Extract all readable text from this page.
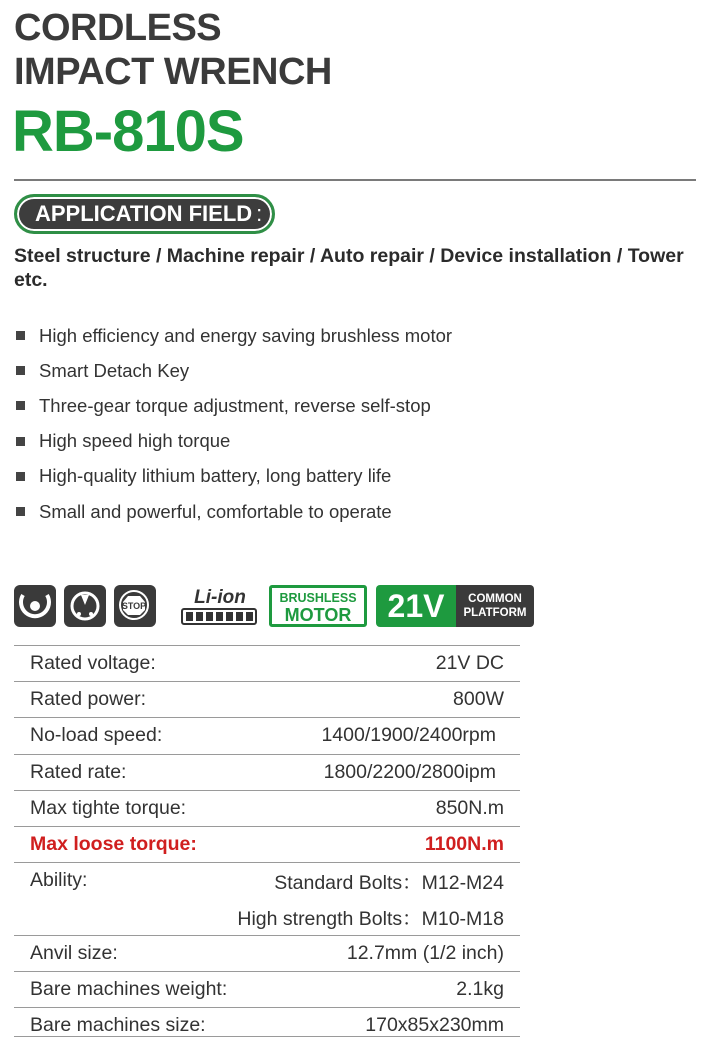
CORDLESS
IMPACT WRENCH
RB-810S
APPLICATION FIELD :
Steel structure / Machine repair / Auto repair / Device installation / Tower etc.
High efficiency and energy saving brushless motor
Smart Detach Key
Three-gear torque adjustment, reverse self-stop
High speed high torque
High-quality lithium battery, long battery life
Small and powerful, comfortable to operate
STOP	Li-ion	BRUSHLESS
MOTOR	21V	COMMON
PLATFORM
Rated voltage:	21V DC
Rated power:	800W
No-load speed:	1400/1900/2400rpm
Rated rate:	1800/2200/2800ipm
Max tighte torque:	850N.m
Max loose torque:	1100N.m
Ability:	Standard Bolts：M12-M24
High strength Bolts：M10-M18
Anvil size:	12.7mm (1/2 inch)
Bare machines weight:	2.1kg
Bare machines size:	170x85x230mm
